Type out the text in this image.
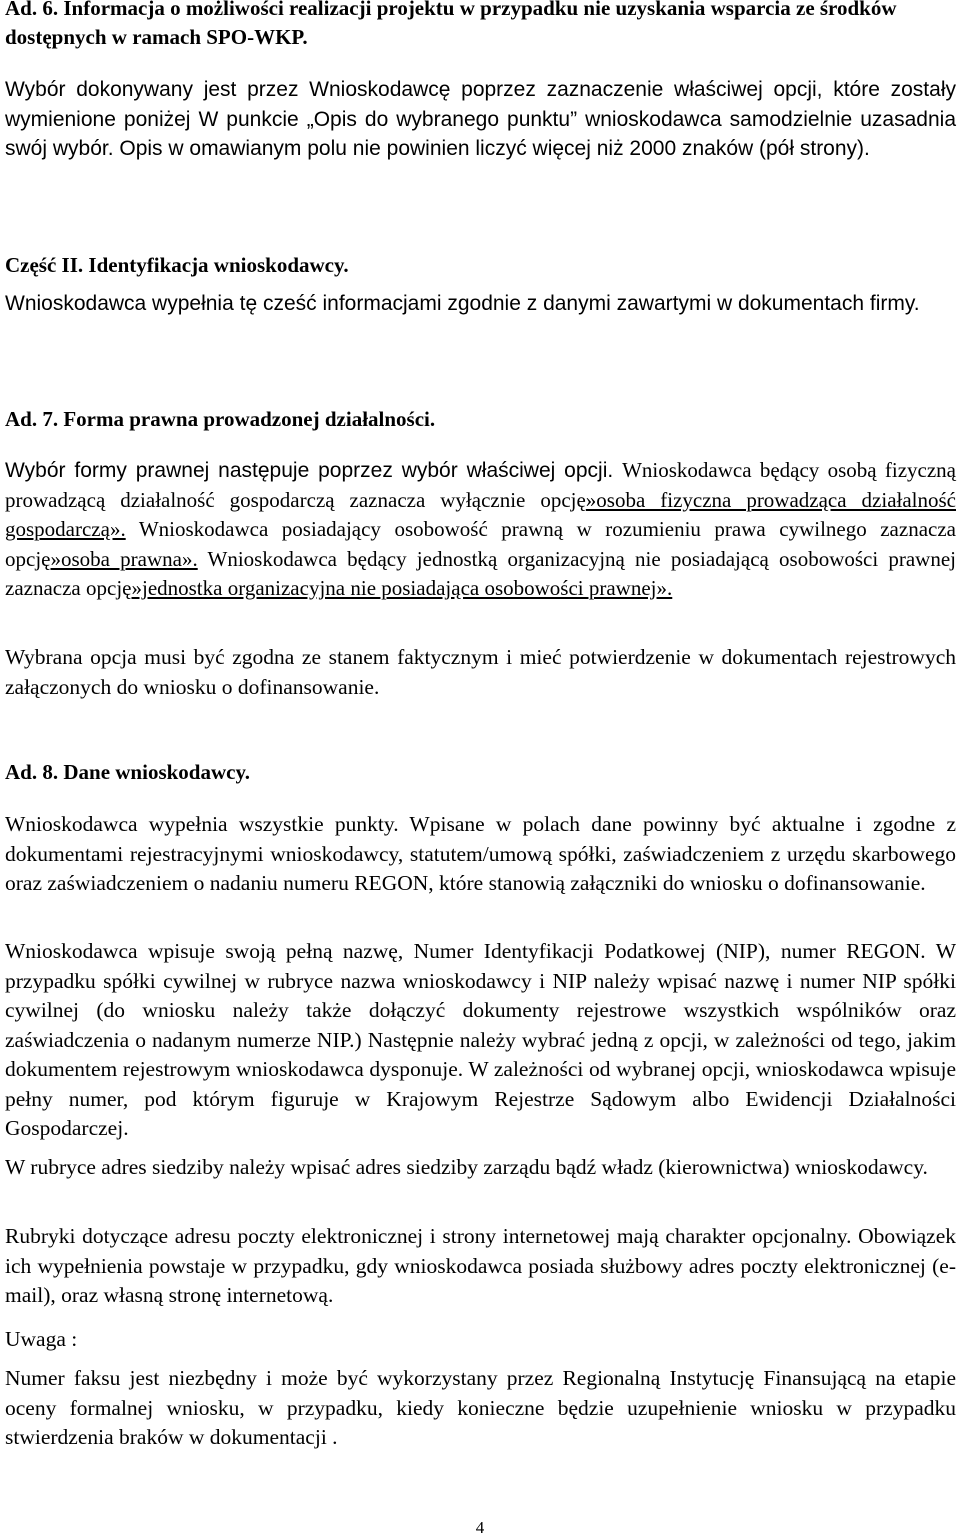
Ad. 6. Informacja o możliwości realizacji projektu w przypadku nie uzyskania wsparcia ze środków dostępnych w ramach SPO-WKP.

Wybór dokonywany jest przez Wnioskodawcę poprzez zaznaczenie właściwej opcji, które zostały wymienione poniżej W punkcie „Opis do wybranego punktu” wnioskodawca samodzielnie uzasadnia swój wybór. Opis w omawianym polu nie powinien liczyć więcej niż 2000 znaków (pół strony).

Część II. Identyfikacja wnioskodawcy.

Wnioskodawca wypełnia tę cześć informacjami zgodnie z danymi zawartymi w dokumentach firmy.

Ad. 7. Forma prawna prowadzonej działalności.

Wybór formy prawnej następuje poprzez wybór właściwej opcji. Wnioskodawca będący osobą fizyczną prowadzącą działalność gospodarczą zaznacza wyłącznie opcję»osoba fizyczna prowadząca działalność gospodarczą». Wnioskodawca posiadający osobowość prawną w rozumieniu prawa cywilnego zaznacza opcję»osoba prawna». Wnioskodawca będący jednostką organizacyjną nie posiadającą osobowości prawnej zaznacza opcję»jednostka organizacyjna nie posiadająca osobowości prawnej».

Wybrana opcja musi być zgodna ze stanem faktycznym i mieć potwierdzenie w dokumentach rejestrowych załączonych do wniosku o dofinansowanie.

Ad. 8. Dane wnioskodawcy.

Wnioskodawca wypełnia wszystkie punkty. Wpisane w polach dane powinny być aktualne i zgodne z dokumentami rejestracyjnymi wnioskodawcy, statutem/umową spółki, zaświadczeniem z urzędu skarbowego oraz zaświadczeniem o nadaniu numeru REGON, które stanowią załączniki do wniosku o dofinansowanie.

Wnioskodawca wpisuje swoją pełną nazwę, Numer Identyfikacji Podatkowej (NIP), numer REGON. W przypadku spółki cywilnej w rubryce nazwa wnioskodawcy i NIP należy wpisać nazwę i numer NIP spółki cywilnej (do wniosku należy także dołączyć dokumenty rejestrowe wszystkich wspólników oraz zaświadczenia o nadanym numerze NIP.) Następnie należy wybrać jedną z opcji, w zależności od tego, jakim dokumentem rejestrowym wnioskodawca dysponuje. W zależności od wybranej opcji, wnioskodawca wpisuje pełny numer, pod którym figuruje w Krajowym Rejestrze Sądowym albo Ewidencji Działalności Gospodarczej.

W rubryce adres siedziby należy wpisać adres siedziby zarządu bądź władz (kierownictwa) wnioskodawcy.

Rubryki dotyczące adresu poczty elektronicznej i strony internetowej mają charakter opcjonalny. Obowiązek ich wypełnienia powstaje w przypadku, gdy wnioskodawca posiada służbowy adres poczty elektronicznej (e-mail), oraz własną stronę internetową.

Uwaga :

Numer faksu jest niezbędny i może być wykorzystany przez Regionalną Instytucję Finansującą na etapie oceny formalnej wniosku, w przypadku, kiedy konieczne będzie uzupełnienie wniosku w przypadku stwierdzenia braków w dokumentacji .

4
